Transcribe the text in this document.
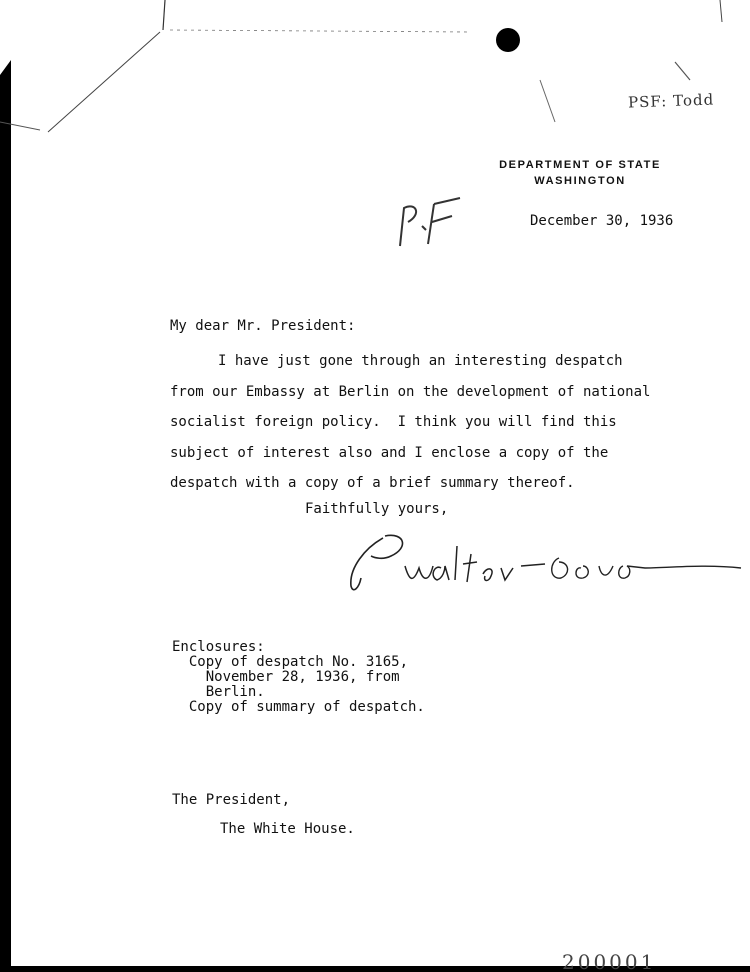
PSF: Todd
DEPARTMENT OF STATE
WASHINGTON
December 30, 1936
My dear Mr. President:
I have just gone through an interesting despatch
from our Embassy at Berlin on the development of national
socialist foreign policy.  I think you will find this
subject of interest also and I enclose a copy of the
despatch with a copy of a brief summary thereof.
Faithfully yours,
Enclosures:
Copy of despatch No. 3165,
November 28, 1936, from
Berlin.
Copy of summary of despatch.
The President,
The White House.
200001
